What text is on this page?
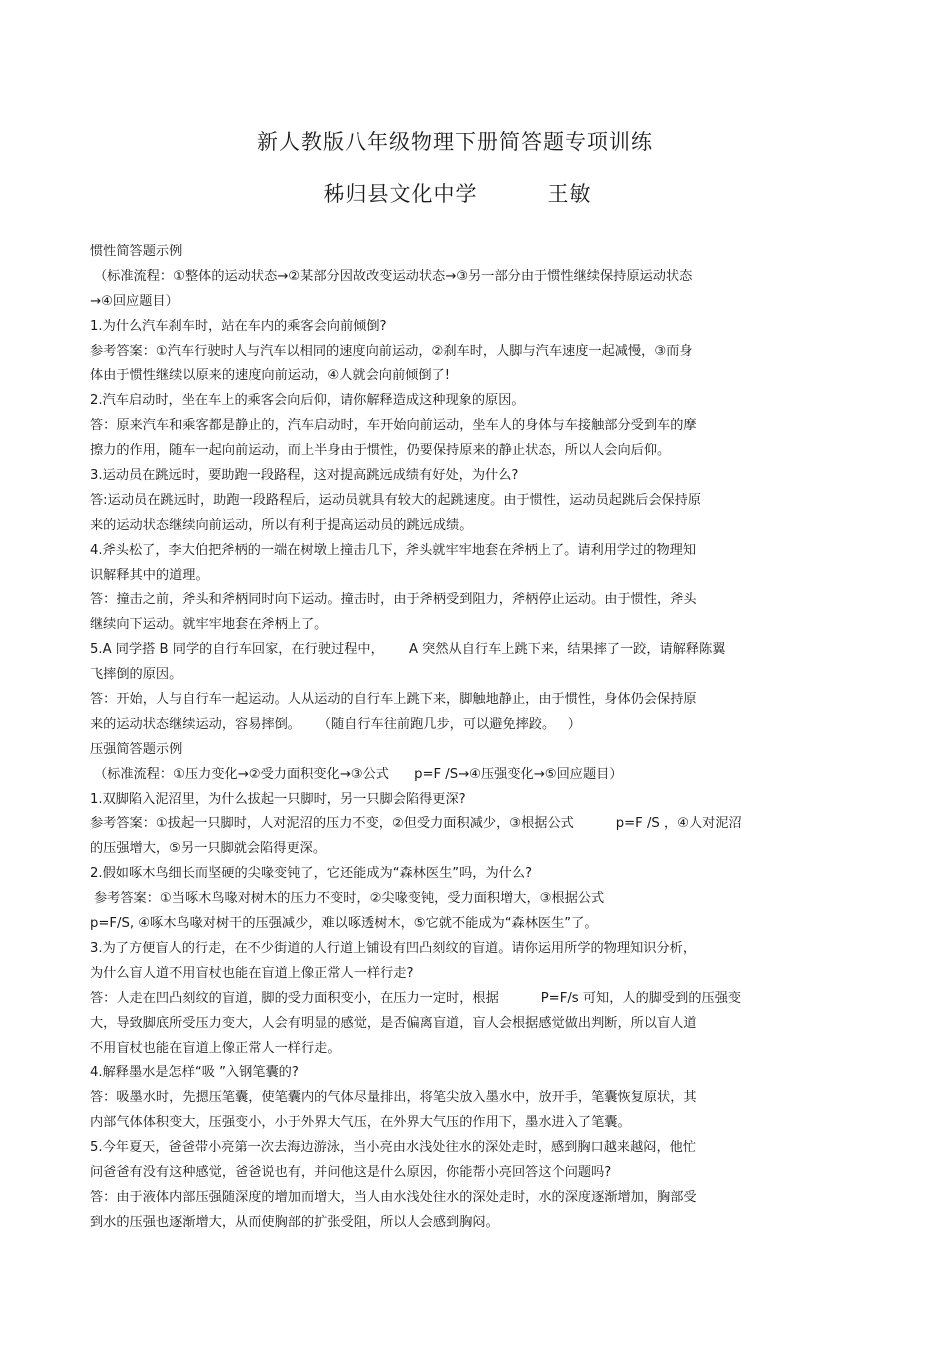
新人教版八年级物理下册简答题专项训练
秭归县文化中学	王敏
惯性简答题示例
（标准流程：①整体的运动状态→②某部分因故改变运动状态→③另一部分由于惯性继续保持原运动状态
→④回应题目）
1.为什么汽车刹车时，站在车内的乘客会向前倾倒?
参考答案：①汽车行驶时人与汽车以相同的速度向前运动，②刹车时，人脚与汽车速度一起减慢，③而身
体由于惯性继续以原来的速度向前运动，④人就会向前倾倒了!
2.汽车启动时，坐在车上的乘客会向后仰，请你解释造成这种现象的原因。
答：原来汽车和乘客都是静止的，汽车启动时，车开始向前运动，坐车人的身体与车接触部分受到车的摩
擦力的作用，随车一起向前运动，而上半身由于惯性，仍要保持原来的静止状态，所以人会向后仰。
3.运动员在跳远时，要助跑一段路程，这对提高跳远成绩有好处，为什么?
答:运动员在跳远时，助跑一段路程后，运动员就具有较大的起跳速度。由于惯性，运动员起跳后会保持原
来的运动状态继续向前运动，所以有利于提高运动员的跳远成绩。
4.斧头松了，李大伯把斧柄的一端在树墩上撞击几下，斧头就牢牢地套在斧柄上了。请利用学过的物理知
识解释其中的道理。
答：撞击之前，斧头和斧柄同时向下运动。撞击时，由于斧柄受到阻力，斧柄停止运动。由于惯性，斧头
继续向下运动。就牢牢地套在斧柄上了。
5.A 同学搭 B 同学的自行车回家，在行驶过程中，      A 突然从自行车上跳下来，结果摔了一跤，请解释陈翼
飞摔倒的原因。
答：开始，人与自行车一起运动。人从运动的自行车上跳下来，脚触地静止，由于惯性，身体仍会保持原
来的运动状态继续运动，容易摔倒。    （随自行车往前跑几步，可以避免摔跤。   ）
压强简答题示例
（标准流程：①压力变化→②受力面积变化→③公式      p=F /S→④压强变化→⑤回应题目）
1.双脚陷入泥沼里，为什么拔起一只脚时，另一只脚会陷得更深?
参考答案：①拔起一只脚时，人对泥沼的压力不变，②但受力面积减少，③根据公式          p=F /S ，④人对泥沼
的压强增大，⑤另一只脚就会陷得更深。
2.假如啄木鸟细长而坚硬的尖喙变钝了，它还能成为“森林医生”吗，为什么?
参考答案：①当啄木鸟喙对树木的压力不变时，②尖喙变钝，受力面积增大，③根据公式
p=F/S, ④啄木鸟喙对树干的压强减少，难以啄透树木，⑤它就不能成为“森林医生”了。
3.为了方便盲人的行走，在不少街道的人行道上铺设有凹凸刻纹的盲道。请你运用所学的物理知识分析，
为什么盲人道不用盲杖也能在盲道上像正常人一样行走?
答：人走在凹凸刻纹的盲道，脚的受力面积变小，在压力一定时，根据          P=F/s 可知，人的脚受到的压强变
大，导致脚底所受压力变大，人会有明显的感觉，是否偏离盲道，盲人会根据感觉做出判断，所以盲人道
不用盲杖也能在盲道上像正常人一样行走。
4.解释墨水是怎样“吸 ”入钢笔囊的?
答：吸墨水时，先摁压笔囊，使笔囊内的气体尽量排出，将笔尖放入墨水中，放开手，笔囊恢复原状，其
内部气体体积变大，压强变小，小于外界大气压，在外界大气压的作用下，墨水进入了笔囊。
5.今年夏天，爸爸带小亮第一次去海边游泳，当小亮由水浅处往水的深处走时，感到胸口越来越闷，他忙
问爸爸有没有这种感觉，爸爸说也有，并问他这是什么原因，你能帮小亮回答这个问题吗?
答：由于液体内部压强随深度的增加而增大，当人由水浅处往水的深处走时，水的深度逐渐增加，胸部受
到水的压强也逐渐增大，从而使胸部的扩张受阻，所以人会感到胸闷。
